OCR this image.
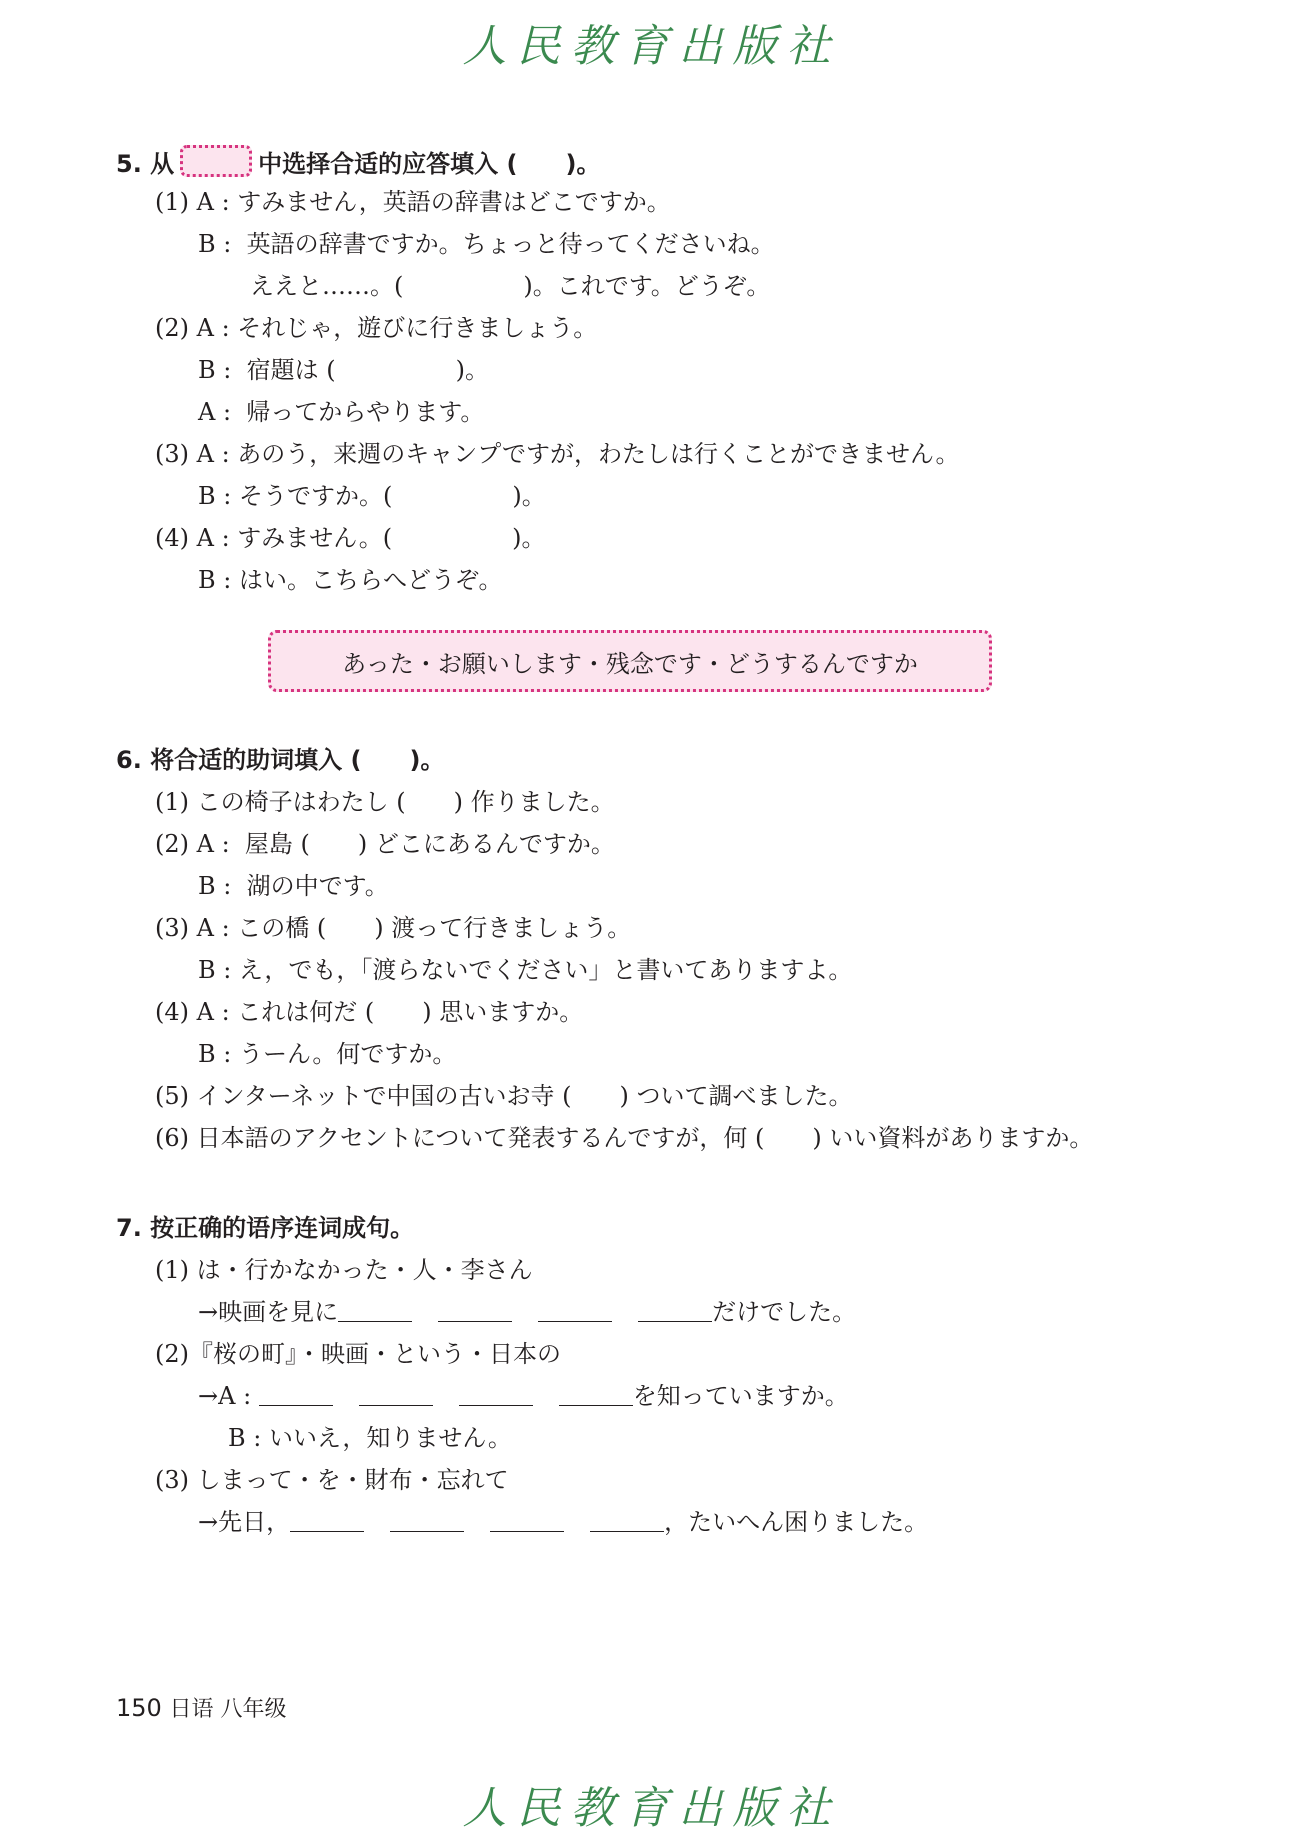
人民教育出版社
5. 从	中选择合适的应答填入 (　　)。
(1) A : すみません，英語の辞書はどこですか。
B :  英語の辞書ですか。ちょっと待ってくださいね。
ええと……。(　　　　　)。これです。どうぞ。
(2) A : それじゃ，遊びに行きましょう。
B :  宿題は (　　　　　)。
A :  帰ってからやります。
(3) A : あのう，来週のキャンプですが，わたしは行くことができません。
B : そうですか。(　　　　　)。
(4) A : すみません。(　　　　　)。
B : はい。こちらへどうぞ。
あった・お願いします・残念です・どうするんですか
6. 将合适的助词填入 (　　)。
(1) この椅子はわたし (　　) 作りました。
(2) A :  屋島 (　　) どこにあるんですか。
B :  湖の中です。
(3) A : この橋 (　　) 渡って行きましょう。
B : え，でも，「渡らないでください」と書いてありますよ。
(4) A : これは何だ (　　) 思いますか。
B : うーん。何ですか。
(5) インターネットで中国の古いお寺 (　　) ついて調べました。
(6) 日本語のアクセントについて発表するんですが，何 (　　) いい資料がありますか。
7. 按正确的语序连词成句。
(1) は・行かなかった・人・李さん
→映画を見に	だけでした。
(2)『桜の町』・映画・という・日本の
→A :	を知っていますか。
B : いいえ，知りません。
(3) しまって・を・財布・忘れて
→先日，	，たいへん困りました。
150 日语 八年级
人民教育出版社
